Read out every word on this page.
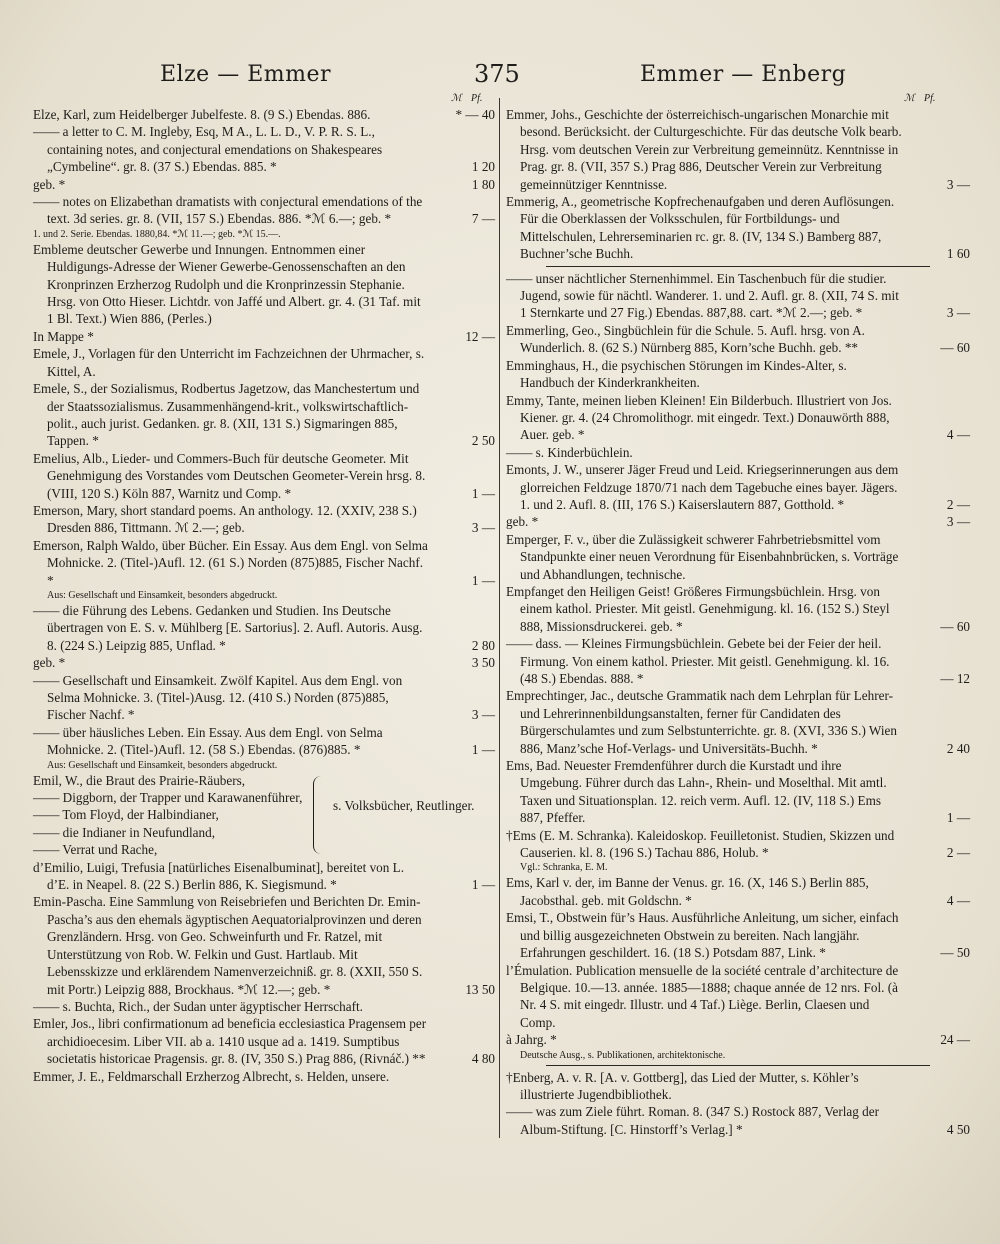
Elze — Emmer	375	Emmer — Enberg
ℳ Pf.
Elze, Karl, zum Heidelberger Jubelfeste. 8. (9 S.) Ebendas. 886.	* — 40
—— a letter to C. M. Ingleby, Esq, M A., L. L. D., V. P. R. S. L., containing notes, and conjectural emendations on Shakespeares „Cymbeline“. gr. 8. (37 S.) Ebendas. 885. *	1 20
geb. *	1 80
—— notes on Elizabethan dramatists with conjectural emendations of the text. 3d series. gr. 8. (VII, 157 S.) Ebendas. 886. *ℳ 6.—; geb. *	7 —
1. und 2. Serie. Ebendas. 1880,84. *ℳ 11.—; geb. *ℳ 15.—.
Embleme deutscher Gewerbe und Innungen. Entnommen einer Huldigungs-Adresse der Wiener Gewerbe-Genossenschaften an den Kronprinzen Erzherzog Rudolph und die Kronprinzessin Stephanie. Hrsg. von Otto Hieser. Lichtdr. von Jaffé und Albert. gr. 4. (31 Taf. mit 1 Bl. Text.) Wien 886, (Perles.)
In Mappe *	12 —
Emele, J., Vorlagen für den Unterricht im Fachzeichnen der Uhrmacher, s. Kittel, A.
Emele, S., der Sozialismus, Rodbertus Jagetzow, das Manchestertum und der Staatssozialismus. Zusammenhängend-krit., volkswirtschaftlich-polit., auch jurist. Gedanken. gr. 8. (XII, 131 S.) Sigmaringen 885, Tappen. *	2 50
Emelius, Alb., Lieder- und Commers-Buch für deutsche Geometer. Mit Genehmigung des Vorstandes vom Deutschen Geometer-Verein hrsg. 8. (VIII, 120 S.) Köln 887, Warnitz und Comp. *	1 —
Emerson, Mary, short standard poems. An anthology. 12. (XXIV, 238 S.) Dresden 886, Tittmann. ℳ 2.—; geb.	3 —
Emerson, Ralph Waldo, über Bücher. Ein Essay. Aus dem Engl. von Selma Mohnicke. 2. (Titel-)Aufl. 12. (61 S.) Norden (875)885, Fischer Nachf. *	1 —
Aus: Gesellschaft und Einsamkeit, besonders abgedruckt.
—— die Führung des Lebens. Gedanken und Studien. Ins Deutsche übertragen von E. S. v. Mühlberg [E. Sartorius]. 2. Aufl. Autoris. Ausg. 8. (224 S.) Leipzig 885, Unflad. *	2 80
geb. *	3 50
—— Gesellschaft und Einsamkeit. Zwölf Kapitel. Aus dem Engl. von Selma Mohnicke. 3. (Titel-)Ausg. 12. (410 S.) Norden (875)885, Fischer Nachf. *	3 —
—— über häusliches Leben. Ein Essay. Aus dem Engl. von Selma Mohnicke. 2. (Titel-)Aufl. 12. (58 S.) Ebendas. (876)885. *	1 —
Aus: Gesellschaft und Einsamkeit, besonders abgedruckt.
Emil, W., die Braut des Prairie-Räubers,
—— Diggborn, der Trapper und Karawanenführer,
—— Tom Floyd, der Halbindianer,
—— die Indianer in Neufundland,
—— Verrat und Rache,
s. Volksbücher, Reutlinger.
d’Emilio, Luigi, Trefusia [natürliches Eisenalbuminat], bereitet von L. d’E. in Neapel. 8. (22 S.) Berlin 886, K. Siegismund. *	1 —
Emin-Pascha. Eine Sammlung von Reisebriefen und Berichten Dr. Emin-Pascha’s aus den ehemals ägyptischen Aequatorialprovinzen und deren Grenzländern. Hrsg. von Geo. Schweinfurth und Fr. Ratzel, mit Unterstützung von Rob. W. Felkin und Gust. Hartlaub. Mit Lebensskizze und erklärendem Namenverzeichniß. gr. 8. (XXII, 550 S. mit Portr.) Leipzig 888, Brockhaus. *ℳ 12.—; geb. *	13 50
—— s. Buchta, Rich., der Sudan unter ägyptischer Herrschaft.
Emler, Jos., libri confirmationum ad beneficia ecclesiastica Pragensem per archidioecesim. Liber VII. ab a. 1410 usque ad a. 1419. Sumptibus societatis historicae Pragensis. gr. 8. (IV, 350 S.) Prag 886, (Rivnáč.) **	4 80
Emmer, J. E., Feldmarschall Erzherzog Albrecht, s. Helden, unsere.
ℳ Pf.
Emmer, Johs., Geschichte der österreichisch-ungarischen Monarchie mit besond. Berücksicht. der Culturgeschichte. Für das deutsche Volk bearb. Hrsg. vom deutschen Verein zur Verbreitung gemeinnütz. Kenntnisse in Prag. gr. 8. (VII, 357 S.) Prag 886, Deutscher Verein zur Verbreitung gemeinnütziger Kenntnisse.	3 —
Emmerig, A., geometrische Kopfrechenaufgaben und deren Auflösungen. Für die Oberklassen der Volksschulen, für Fortbildungs- und Mittelschulen, Lehrerseminarien rc. gr. 8. (IV, 134 S.) Bamberg 887, Buchner’sche Buchh.	1 60
—— unser nächtlicher Sternenhimmel. Ein Taschenbuch für die studier. Jugend, sowie für nächtl. Wanderer. 1. und 2. Aufl. gr. 8. (XII, 74 S. mit 1 Sternkarte und 27 Fig.) Ebendas. 887,88. cart. *ℳ 2.—; geb. *	3 —
Emmerling, Geo., Singbüchlein für die Schule. 5. Aufl. hrsg. von A. Wunderlich. 8. (62 S.) Nürnberg 885, Korn’sche Buchh. geb. **	— 60
Emminghaus, H., die psychischen Störungen im Kindes-Alter, s. Handbuch der Kinderkrankheiten.
Emmy, Tante, meinen lieben Kleinen! Ein Bilderbuch. Illustriert von Jos. Kiener. gr. 4. (24 Chromolithogr. mit eingedr. Text.) Donauwörth 888, Auer. geb. *	4 —
—— s. Kinderbüchlein.
Emonts, J. W., unserer Jäger Freud und Leid. Kriegserinnerungen aus dem glorreichen Feldzuge 1870/71 nach dem Tagebuche eines bayer. Jägers. 1. und 2. Aufl. 8. (III, 176 S.) Kaiserslautern 887, Gotthold. *	2 —
geb. *	3 —
Emperger, F. v., über die Zulässigkeit schwerer Fahrbetriebsmittel vom Standpunkte einer neuen Verordnung für Eisenbahnbrücken, s. Vorträge und Abhandlungen, technische.
Empfanget den Heiligen Geist! Größeres Firmungsbüchlein. Hrsg. von einem kathol. Priester. Mit geistl. Genehmigung. kl. 16. (152 S.) Steyl 888, Missionsdruckerei. geb. *	— 60
—— dass. — Kleines Firmungsbüchlein. Gebete bei der Feier der heil. Firmung. Von einem kathol. Priester. Mit geistl. Genehmigung. kl. 16. (48 S.) Ebendas. 888. *	— 12
Emprechtinger, Jac., deutsche Grammatik nach dem Lehrplan für Lehrer- und Lehrerinnenbildungsanstalten, ferner für Candidaten des Bürgerschulamtes und zum Selbstunterrichte. gr. 8. (XVI, 336 S.) Wien 886, Manz’sche Hof-Verlags- und Universitäts-Buchh. *	2 40
Ems, Bad. Neuester Fremdenführer durch die Kurstadt und ihre Umgebung. Führer durch das Lahn-, Rhein- und Moselthal. Mit amtl. Taxen und Situationsplan. 12. reich verm. Aufl. 12. (IV, 118 S.) Ems 887, Pfeffer.	1 —
†Ems (E. M. Schranka). Kaleidoskop. Feuilletonist. Studien, Skizzen und Causerien. kl. 8. (196 S.) Tachau 886, Holub. *	2 —
Vgl.: Schranka, E. M.
Ems, Karl v. der, im Banne der Venus. gr. 16. (X, 146 S.) Berlin 885, Jacobsthal. geb. mit Goldschn. *	4 —
Emsi, T., Obstwein für’s Haus. Ausführliche Anleitung, um sicher, einfach und billig ausgezeichneten Obstwein zu bereiten. Nach langjähr. Erfahrungen geschildert. 16. (18 S.) Potsdam 887, Link. *	— 50
l’Émulation. Publication mensuelle de la société centrale d’architecture de Belgique. 10.—13. année. 1885—1888; chaque année de 12 nrs. Fol. (à Nr. 4 S. mit eingedr. Illustr. und 4 Taf.) Liège. Berlin, Claesen und Comp.
à Jahrg. *	24 —
Deutsche Ausg., s. Publikationen, architektonische.
†Enberg, A. v. R. [A. v. Gottberg], das Lied der Mutter, s. Köhler’s illustrierte Jugendbibliothek.
—— was zum Ziele führt. Roman. 8. (347 S.) Rostock 887, Verlag der Album-Stiftung. [C. Hinstorff’s Verlag.] *	4 50
